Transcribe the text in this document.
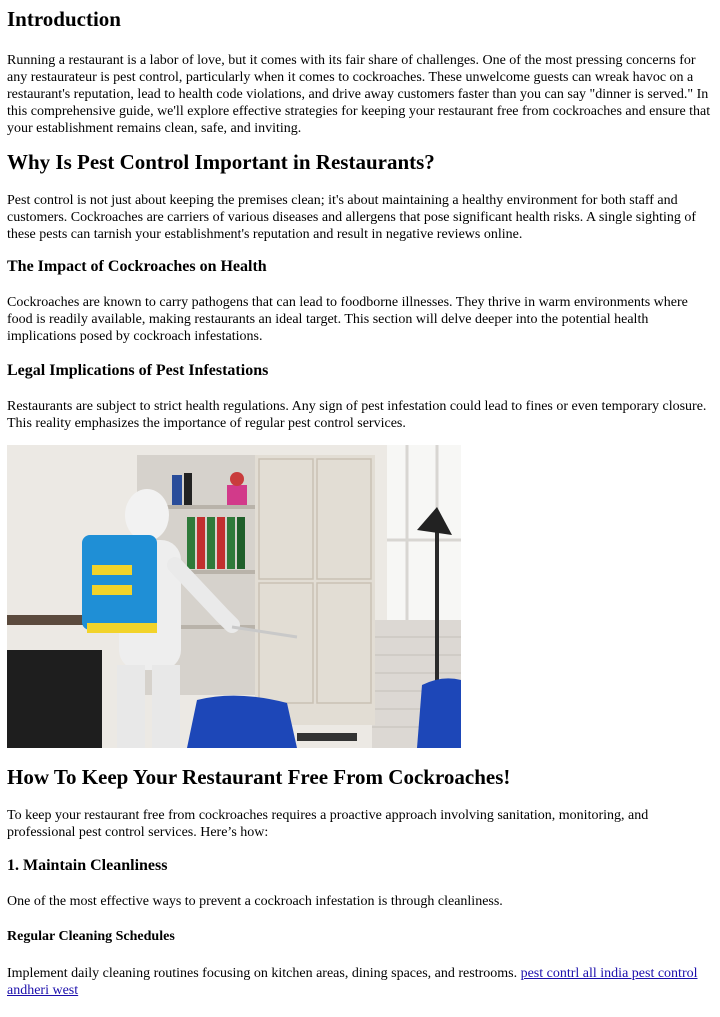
Introduction

Running a restaurant is a labor of love, but it comes with its fair share of challenges. One of the most pressing concerns for any restaurateur is pest control, particularly when it comes to cockroaches. These unwelcome guests can wreak havoc on a restaurant's reputation, lead to health code violations, and drive away customers faster than you can say "dinner is served." In this comprehensive guide, we'll explore effective strategies for keeping your restaurant free from cockroaches and ensure that your establishment remains clean, safe, and inviting.

Why Is Pest Control Important in Restaurants?

Pest control is not just about keeping the premises clean; it's about maintaining a healthy environment for both staff and customers. Cockroaches are carriers of various diseases and allergens that pose significant health risks. A single sighting of these pests can tarnish your establishment's reputation and result in negative reviews online.

The Impact of Cockroaches on Health

Cockroaches are known to carry pathogens that can lead to foodborne illnesses. They thrive in warm environments where food is readily available, making restaurants an ideal target. This section will delve deeper into the potential health implications posed by cockroach infestations.

Legal Implications of Pest Infestations

Restaurants are subject to strict health regulations. Any sign of pest infestation could lead to fines or even temporary closure. This reality emphasizes the importance of regular pest control services.

How To Keep Your Restaurant Free From Cockroaches!

To keep your restaurant free from cockroaches requires a proactive approach involving sanitation, monitoring, and professional pest control services. Here’s how:

1. Maintain Cleanliness

One of the most effective ways to prevent a cockroach infestation is through cleanliness.

Regular Cleaning Schedules

Implement daily cleaning routines focusing on kitchen areas, dining spaces, and restrooms. pest contrl all india pest control andheri west
